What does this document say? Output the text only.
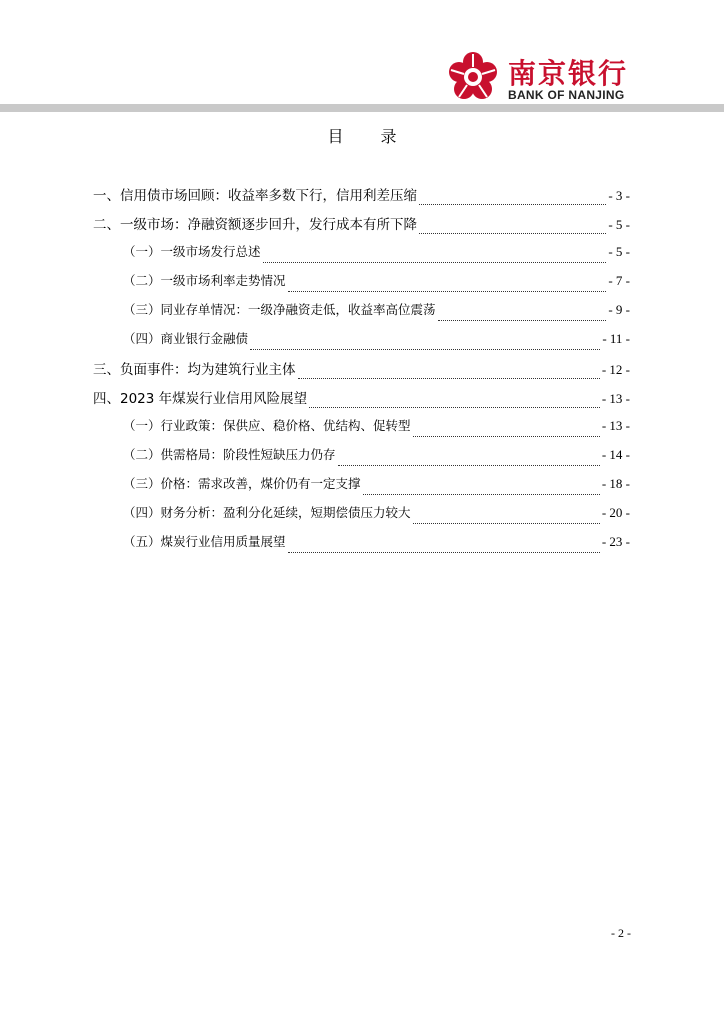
南京银行
BANK OF NANJING
目 录
一、信用债市场回顾：收益率多数下行，信用利差压缩	- 3 -
二、一级市场：净融资额逐步回升，发行成本有所下降	- 5 -
（一）一级市场发行总述	- 5 -
（二）一级市场利率走势情况	- 7 -
（三）同业存单情况：一级净融资走低，收益率高位震荡	- 9 -
（四）商业银行金融债	- 11 -
三、负面事件：均为建筑行业主体	- 12 -
四、2023 年煤炭行业信用风险展望	- 13 -
（一）行业政策：保供应、稳价格、优结构、促转型	- 13 -
（二）供需格局：阶段性短缺压力仍存	- 14 -
（三）价格：需求改善，煤价仍有一定支撑	- 18 -
（四）财务分析：盈利分化延续，短期偿债压力较大	- 20 -
（五）煤炭行业信用质量展望	- 23 -
- 2 -
